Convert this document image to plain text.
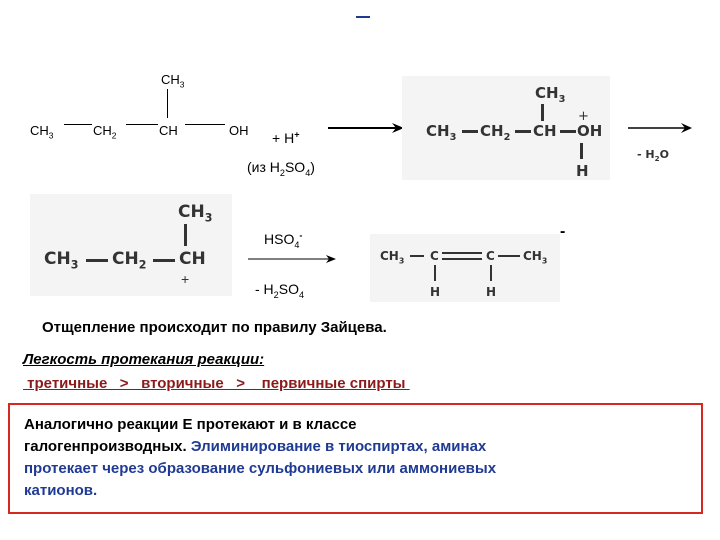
$CH_3$
$CH_3$	$CH_2$	CH	OH + H+
(из $H_2SO_4$)
$CH_3$
$CH_3$ $CH_2$ CH OH
+
H
- $H_2O$
$CH_3$
$CH_3$ $CH_2$ CH
+
$HSO_4^-$
- $H_2SO_4$
$CH_3$ C	C $CH_3$
H	H
-
Отщепление происходит по правилу Зайцева.
Легкость протекания реакции:
третичные   >   вторичные   >    первичные спирты
Аналогично реакции Е протекают и в классе
галогенпроизводных. Элиминирование в тиоспиртах, аминах
протекает через образование сульфониевых или аммониевых
катионов.
